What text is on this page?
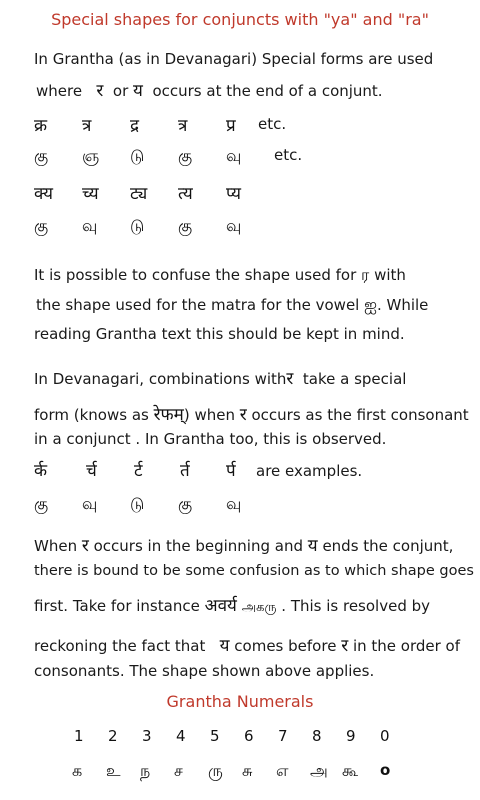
Special shapes for conjuncts with "ya" and "ra"
In Grantha (as in Devanagari) Special forms are used
where र or य occurs at the end of a conjunt.
क्र त्र द्र त्र प्र etc.
கு ஞ டு கு வு etc.
क्य च्य ट्य त्य प्य
கு வு டு கு வு
It is possible to confuse the shape used for ர with
the shape used for the matra for the vowel ஐ. While
reading Grantha text this should be kept in mind.
In Devanagari, combinations withर take a special
form (knows as रेफम्) when र occurs as the first consonant
in a conjunct . In Grantha too, this is observed.
र्क र्च र्ट र्त र्प are examples.
கு வு டு கு வு
When र occurs in the beginning and य ends the conjunt,
there is bound to be some confusion as to which shape goes
first. Take for instance अवर्य அகரு . This is resolved by
reckoning the fact that य comes before र in the order of
consonants. The shape shown above applies.
Grantha Numerals
1 2 3 4 5 6 7 8 9 0
க உ ந ச ரு சு எ அ கூ o
